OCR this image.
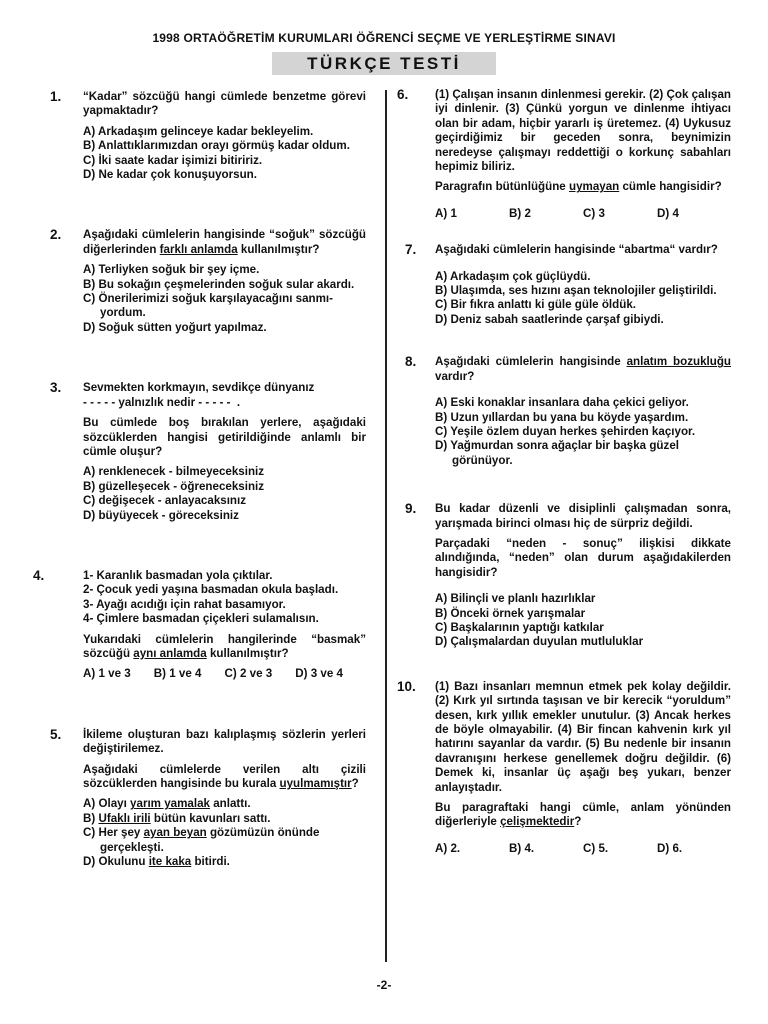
1998 ORTAÖĞRETİM KURUMLARI ÖĞRENCİ SEÇME VE YERLEŞTİRME SINAVI
TÜRKÇE TESTİ
1. “Kadar” sözcüğü hangi cümlede benzetme görevi yapmaktadır?

A) Arkadaşım gelinceye kadar bekleyelim.
B) Anlattıklarımızdan orayı görmüş kadar oldum.
C) İki saate kadar işimizi bitiririz.
D) Ne kadar çok konuşuyorsun.
2. Aşağıdaki cümlelerin hangisinde “soğuk” sözcüğü diğerlerinden farklı anlamda kullanılmıştır?

A) Terliyken soğuk bir şey içme.
B) Bu sokağın çeşmelerinden soğuk sular akardı.
C) Önerilerimizi soğuk karşılayacağını sanmı-yordum.
D) Soğuk sütten yoğurt yapılmaz.
3. Sevmekten korkmayın, sevdikçe dünyanız
- - - - - yalnızlık nedir - - - - -  .

Bu cümlede boş bırakılan yerlere, aşağıdaki sözcüklerden hangisi getirildiğinde anlamlı bir cümle oluşur?

A) renklenecek - bilmeyeceksiniz
B) güzelleşecek - öğreneceksiniz
C) değişecek - anlayacaksınız
D) büyüyecek - göreceksiniz
4.	1- Karanlık basmadan yola çıktılar.
2- Çocuk yedi yaşına basmadan okula başladı.
3- Ayağı acıdığı için rahat basamıyor.
4- Çimlere basmadan çiçekleri sulamalısın.

Yukarıdaki cümlelerin hangilerinde “basmak” sözcüğü aynı anlamda kullanılmıştır?

A) 1 ve 3	B) 1 ve 4	C) 2 ve 3	D) 3 ve 4
5. İkileme oluşturan bazı kalıplaşmış sözlerin yerleri değiştirilemez.

Aşağıdaki cümlelerde verilen altı çizili sözcüklerden hangisinde bu kurala uyulmamıştır?

A) Olayı yarım yamalak anlattı.
B) Ufaklı irili bütün kavunları sattı.
C) Her şey ayan beyan gözümüzün önünde gerçekleşti.
D) Okulunu ite kaka bitirdi.
6. (1) Çalışan insanın dinlenmesi gerekir. (2) Çok çalışan iyi dinlenir. (3) Çünkü yorgun ve dinlenme ihtiyacı olan bir adam, hiçbir yararlı iş üretemez. (4) Uykusuz geçirdiğimiz bir geceden sonra, beynimizin neredeyse çalışmayı reddettiği o korkunç sabahları hepimiz biliriz.

Paragrafın bütünlüğüne uymayan cümle hangisidir?

A) 1	B) 2	C) 3	D) 4
7. Aşağıdaki cümlelerin hangisinde “abartma“ vardır?

A) Arkadaşım çok güçlüydü.
B) Ulaşımda, ses hızını aşan teknolojiler geliştirildi.
C) Bir fıkra anlattı ki güle güle öldük.
D) Deniz sabah saatlerinde çarşaf gibiydi.
8. Aşağıdaki cümlelerin hangisinde anlatım bozukluğu vardır?

A) Eski konaklar insanlara daha çekici geliyor.
B) Uzun yıllardan bu yana bu köyde yaşardım.
C) Yeşile özlem duyan herkes şehirden kaçıyor.
D) Yağmurdan sonra ağaçlar bir başka güzel görünüyor.
9. Bu kadar düzenli ve disiplinli çalışmadan sonra, yarışmada birinci olması hiç de sürpriz değildi.

Parçadaki “neden - sonuç” ilişkisi dikkate alındığında, “neden” olan durum aşağıdakilerden hangisidir?

A) Bilinçli ve planlı hazırlıklar
B) Önceki örnek yarışmalar
C) Başkalarının yaptığı katkılar
D) Çalışmalardan duyulan mutluluklar
10. (1) Bazı insanları memnun etmek pek kolay değildir. (2) Kırk yıl sırtında taşısan ve bir kerecik “yoruldum” desen, kırk yıllık emekler unutulur. (3) Ancak herkes de böyle olmayabilir. (4) Bir fincan kahvenin kırk yıl hatırını sayanlar da vardır. (5) Bu nedenle bir insanın davranışını herkese genellemek doğru değildir. (6) Demek ki, insanlar üç aşağı beş yukarı, benzer anlayıştadır.

Bu paragraftaki hangi cümle, anlam yönünden diğerleriyle çelişmektedir?

A) 2.	B) 4.	C) 5.	D) 6.
-2-
